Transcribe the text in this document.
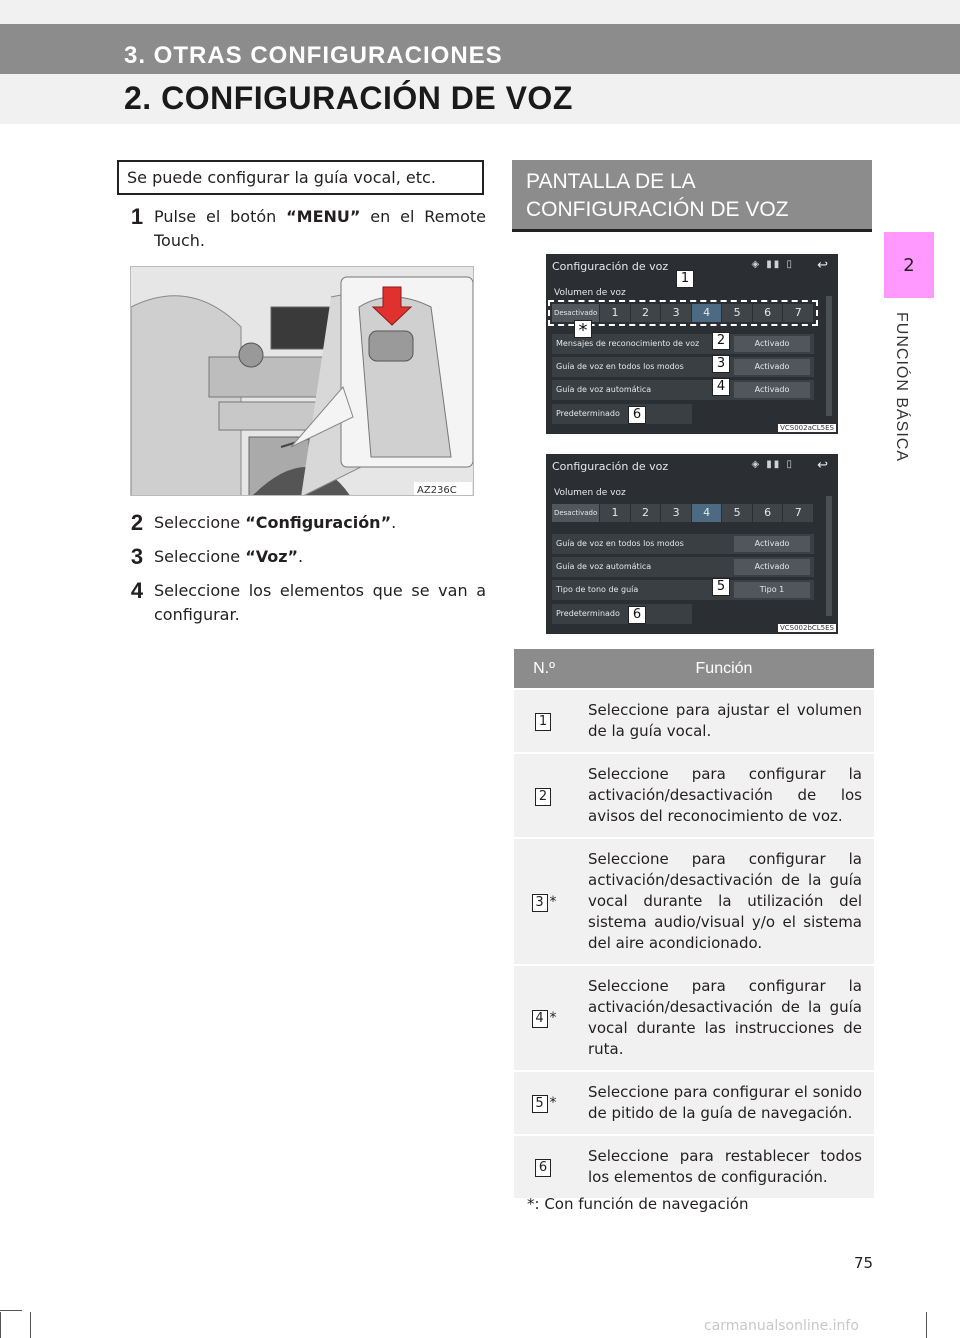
3. OTRAS CONFIGURACIONES
2. CONFIGURACIÓN DE VOZ
2
FUNCIÓN BÁSICA
Se puede configurar la guía vocal, etc.
1 Pulse el botón “MENU” en el Remote Touch.
2 Seleccione “Configuración”.
3 Seleccione “Voz”.
4 Seleccione los elementos que se van a configurar.
AZ236C
PANTALLA DE LA CONFIGURACIÓN DE VOZ
Configuración de voz	◈ ▮▮ ▯ ↩
Volumen de voz
Desactivado	1	2	3	4	5	6	7
Mensajes de reconocimiento de voz	Activado
Guía de voz en todos los modos	Activado
Guía de voz automática	Activado
Predeterminado
1
*	2
3
4
6
VCS002aCL5ES
Configuración de voz	◈ ▮▮ ▯ ↩
Volumen de voz
Desactivado	1	2	3	4	5	6	7
Guía de voz en todos los modos	Activado
Guía de voz automática	Activado
Tipo de tono de guía	Tipo 1
Predeterminado
5
6
VCS002bCL5ES
N.º	Función
1	Seleccione para ajustar el volumen de la guía vocal.
2	Seleccione para configurar la activación/desactivación de los avisos del reconocimiento de voz.
3 *	Seleccione para configurar la activación/desactivación de la guía vocal durante la utilización del sistema audio/visual y/o el sistema del aire acondicionado.
4 *	Seleccione para configurar la activación/desactivación de la guía vocal durante las instrucciones de ruta.
5 *	Seleccione para configurar el sonido de pitido de la guía de navegación.
6	Seleccione para restablecer todos los elementos de configuración.
*: Con función de navegación
75
carmanualsonline.info
